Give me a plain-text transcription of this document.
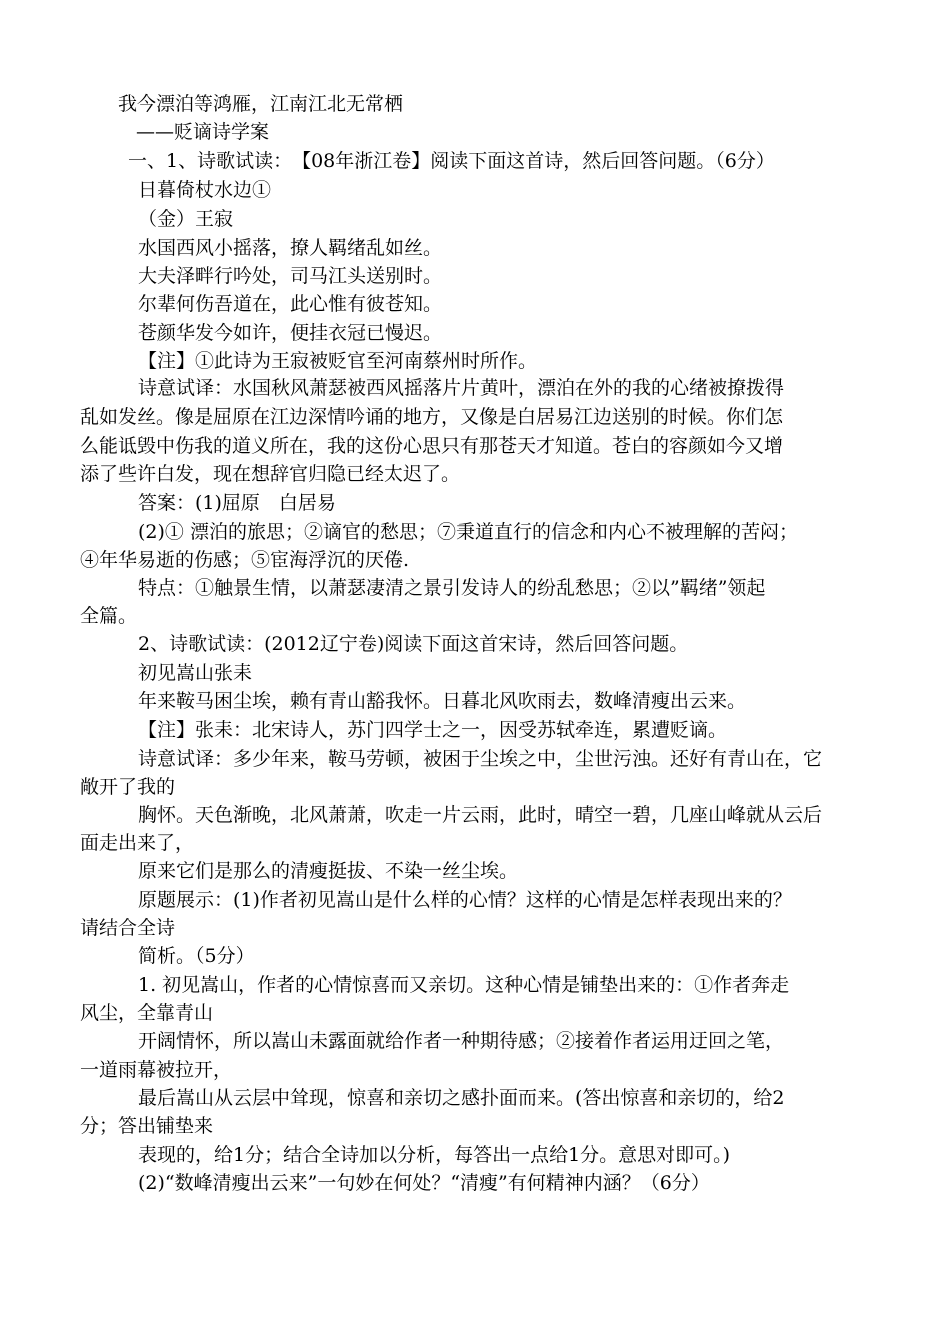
我今漂泊等鸿雁，江南江北无常栖
——贬谪诗学案
一、1、诗歌试读：　【08年浙江卷】阅读下面这首诗，然后回答问题。（6分）
日暮倚杖水边①
（金）王寂
水国西风小摇落，撩人羁绪乱如丝。
大夫泽畔行吟处，司马江头送别时。
尔辈何伤吾道在，此心惟有彼苍知。
苍颜华发今如许，便挂衣冠已慢迟。
【注】①此诗为王寂被贬官至河南蔡州时所作。
诗意试译：水国秋风萧瑟被西风摇落片片黄叶，漂泊在外的我的心绪被撩拨得
乱如发丝。像是屈原在江边深情吟诵的地方，又像是白居易江边送别的时候。你们怎
么能诋毁中伤我的道义所在，我的这份心思只有那苍天才知道。苍白的容颜如今又增
添了些许白发，现在想辞官归隐已经太迟了。
答案：(1)屈原　白居易
(2)① 漂泊的旅思；②谪官的愁思；⑦秉道直行的信念和内心不被理解的苦闷；
④年华易逝的伤感；⑤宦海浮沉的厌倦.
特点：①触景生情，以萧瑟凄清之景引发诗人的纷乱愁思；②以”羁绪”领起
全篇。
2、诗歌试读：(2012辽宁卷)阅读下面这首宋诗，然后回答问题。
初见嵩山张耒
年来鞍马困尘埃，赖有青山豁我怀。日暮北风吹雨去，数峰清瘦出云来。
【注】张耒：北宋诗人，苏门四学士之一，因受苏轼牵连，累遭贬谪。
诗意试译：多少年来，鞍马劳顿，被困于尘埃之中，尘世污浊。还好有青山在，它
敞开了我的
胸怀。天色渐晚，北风萧萧，吹走一片云雨，此时，晴空一碧，几座山峰就从云后
面走出来了，
原来它们是那么的清瘦挺拔、不染一丝尘埃。
原题展示：(1)作者初见嵩山是什么样的心情？这样的心情是怎样表现出来的？
请结合全诗
简析。（5分）
1. 初见嵩山，作者的心情惊喜而又亲切。这种心情是铺垫出来的：①作者奔走
风尘，全靠青山
开阔情怀，所以嵩山未露面就给作者一种期待感；②接着作者运用迂回之笔，
一道雨幕被拉开，
最后嵩山从云层中耸现，惊喜和亲切之感扑面而来。(答出惊喜和亲切的，给2
分；答出铺垫来
表现的，给1分；结合全诗加以分析，每答出一点给1分。意思对即可。)
(2)“数峰清瘦出云来”一句妙在何处？“清瘦”有何精神内涵？（6分）
